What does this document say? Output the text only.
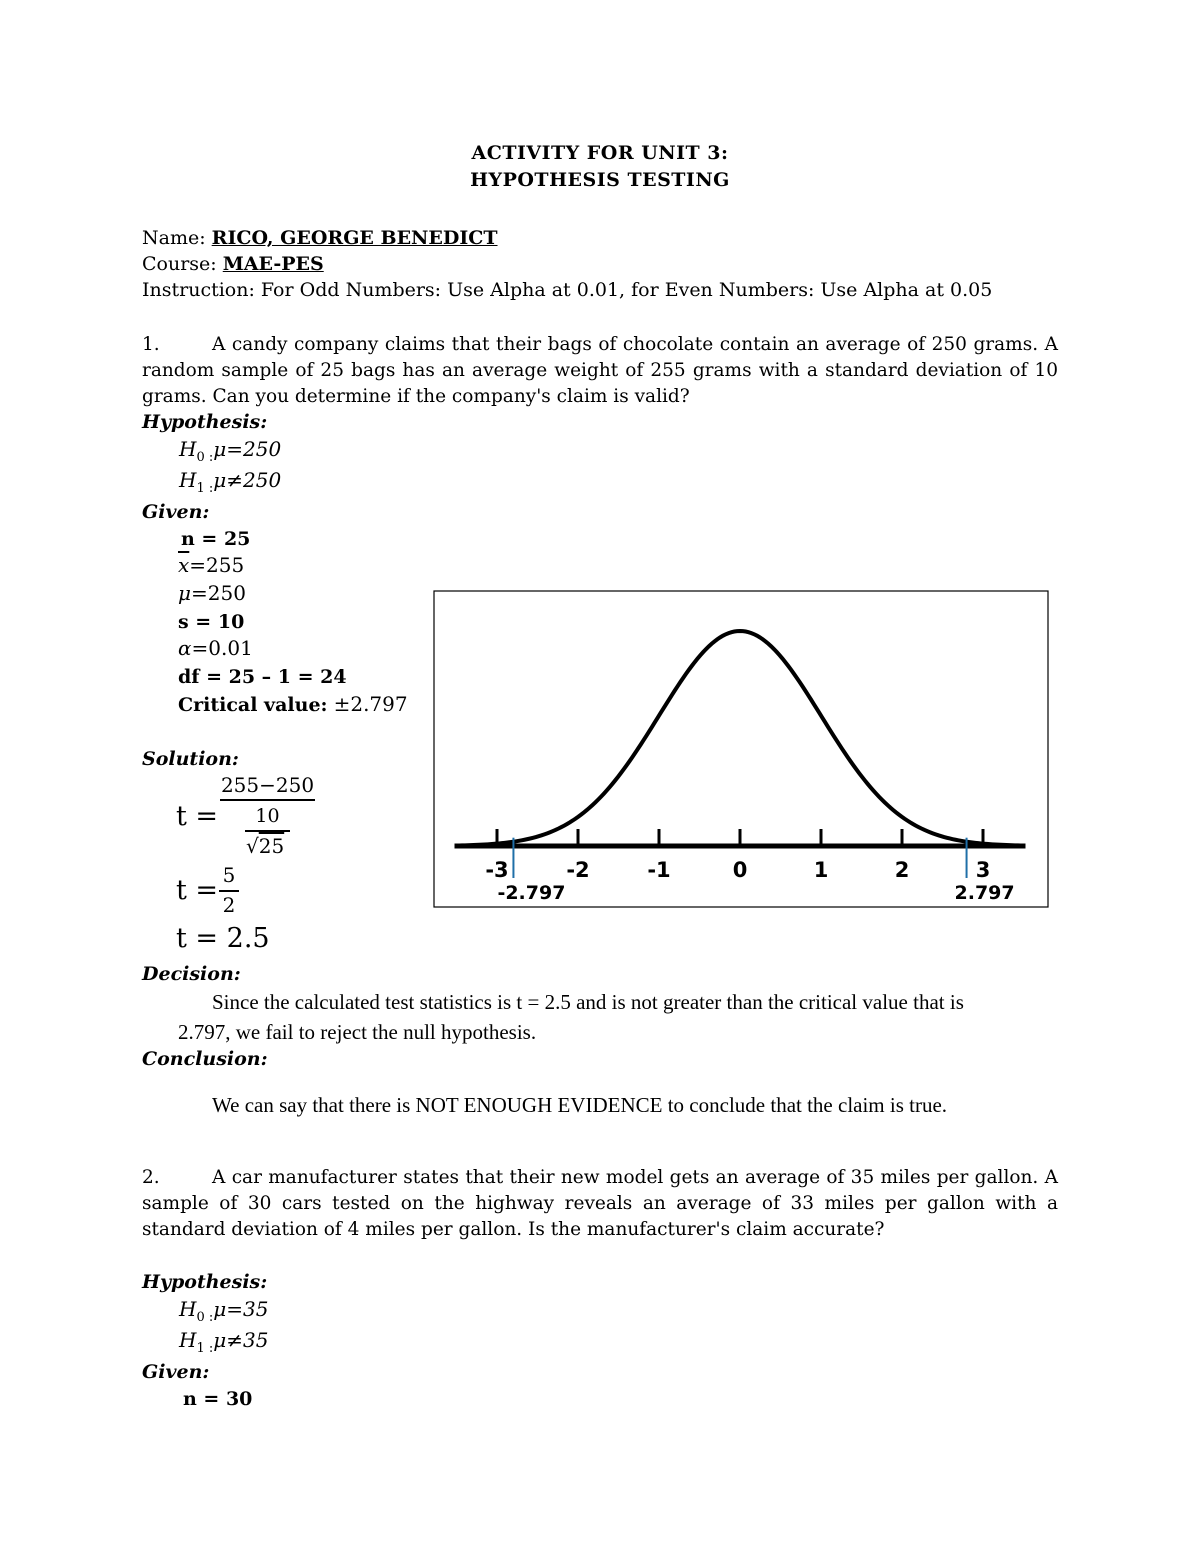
ACTIVITY FOR UNIT 3:
HYPOTHESIS TESTING
Name: RICO, GEORGE BENEDICT
Course: MAE-PES
Instruction: For Odd Numbers: Use Alpha at 0.01, for Even Numbers: Use Alpha at 0.05
1.	A candy company claims that their bags of chocolate contain an average of 250 grams. A random sample of 25 bags has an average weight of 255 grams with a standard deviation of 10 grams. Can you determine if the company's claim is valid?
Hypothesis:
$H_{0 :}\mu=250$
$H_{1 :}\mu\ne 250$
Given:
n = 25
$\overline{x}=255$
μ=250
s = 10
α=0.01
df = 25 – 1 = 24
Critical value: ±2.797
Solution:
t =
255−250
10
√25
t = 5
2
t = 2.5
-3	-2	-1	0	1	2	3
-2.797	2.797
Decision:
Since the calculated test statistics is t = 2.5 and is not greater than the critical value that is
2.797, we fail to reject the null hypothesis.
Conclusion:
We can say that there is NOT ENOUGH EVIDENCE to conclude that the claim is true.
2.	A car manufacturer states that their new model gets an average of 35 miles per gallon. A sample of 30 cars tested on the highway reveals an average of 33 miles per gallon with a standard deviation of 4 miles per gallon. Is the manufacturer's claim accurate?
Hypothesis:
$H_{0 :}\mu=35$
$H_{1 :}\mu\ne 35$
Given:
n = 30
